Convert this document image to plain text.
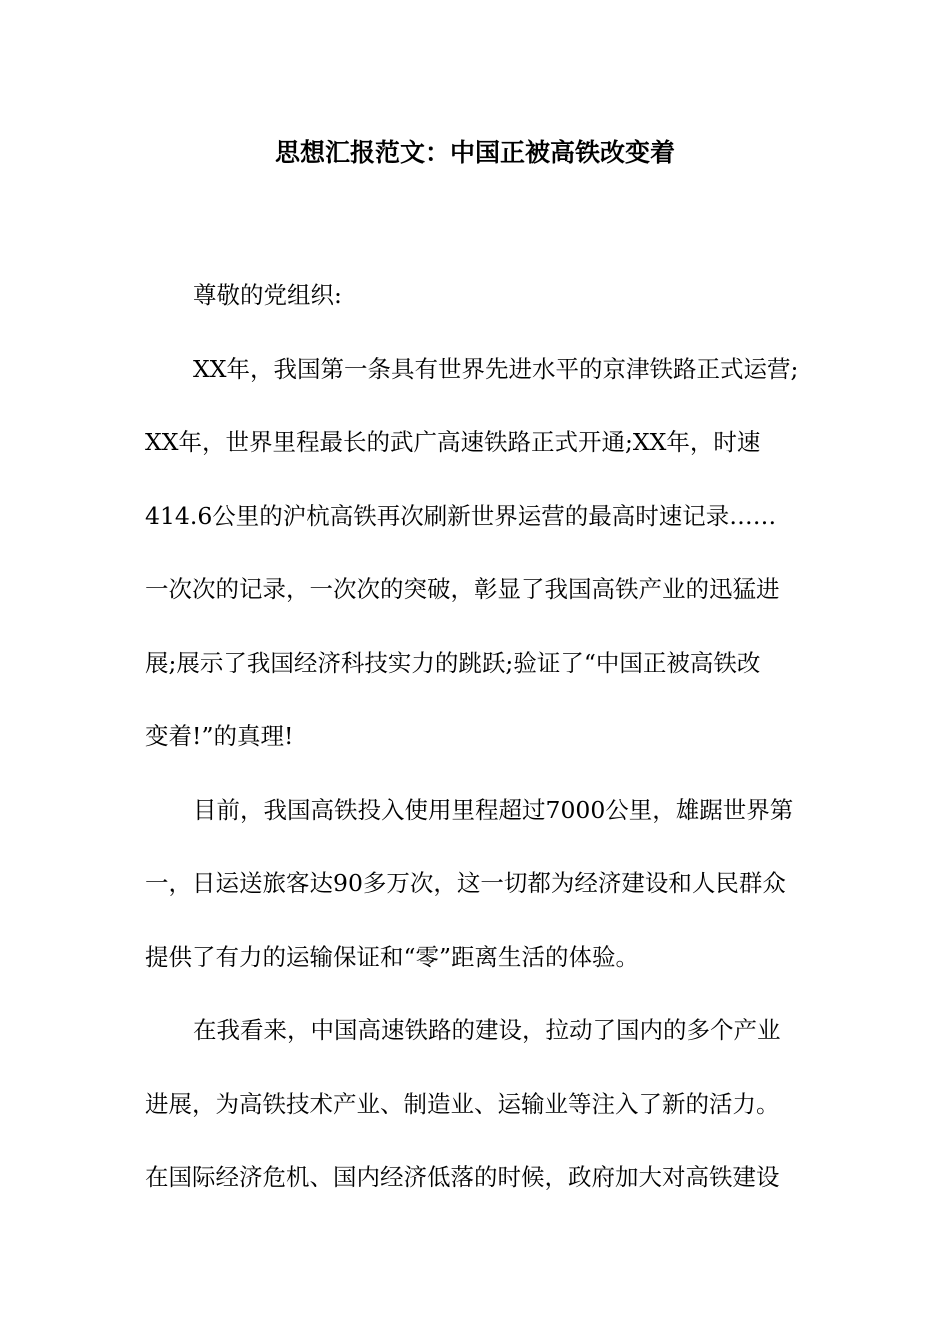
思想汇报范文：中国正被高铁改变着
尊敬的党组织:
XX年，我国第一条具有世界先进水平的京津铁路正式运营;
XX年，世界里程最长的武广高速铁路正式开通;XX年，时速
414.6公里的沪杭高铁再次刷新世界运营的最高时速记录……
一次次的记录，一次次的突破，彰显了我国高铁产业的迅猛进
展;展示了我国经济科技实力的跳跃;验证了“中国正被高铁改
变着!”的真理!
目前，我国高铁投入使用里程超过7000公里，雄踞世界第
一，日运送旅客达90多万次，这一切都为经济建设和人民群众
提供了有力的运输保证和“零”距离生活的体验。
在我看来，中国高速铁路的建设，拉动了国内的多个产业
进展，为高铁技术产业、制造业、运输业等注入了新的活力。
在国际经济危机、国内经济低落的时候，政府加大对高铁建设
